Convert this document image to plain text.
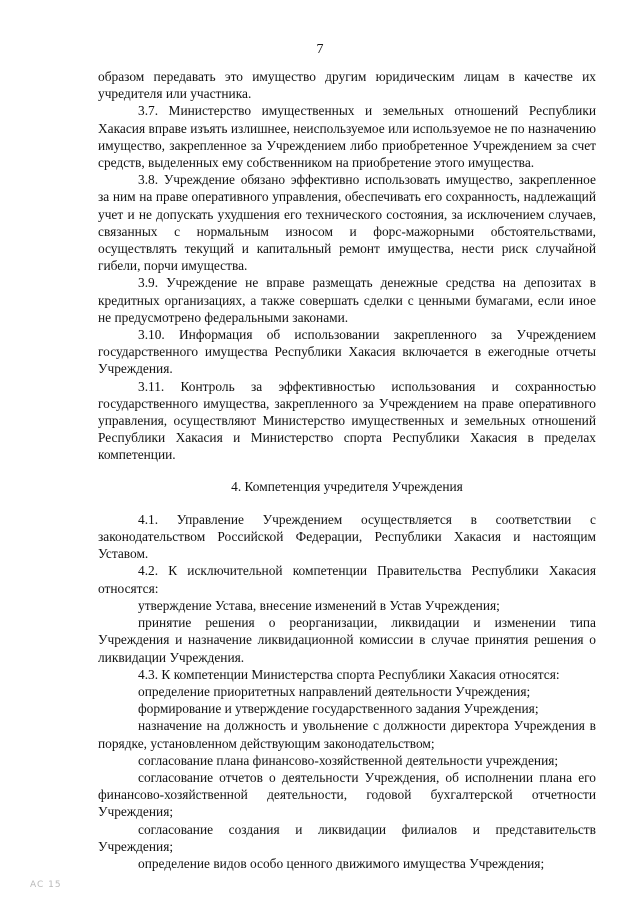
7

образом передавать это имущество другим юридическим лицам в качестве их учредителя или участника.

3.7. Министерство имущественных и земельных отношений Республики Хакасия вправе изъять излишнее, неиспользуемое или используемое не по назначению имущество, закрепленное за Учреждением либо приобретенное Учреждением за счет средств, выделенных ему собственником на приобретение этого имущества.

3.8. Учреждение обязано эффективно использовать имущество, закрепленное за ним на праве оперативного управления, обеспечивать его сохранность, надлежащий учет и не допускать ухудшения его технического состояния, за исключением случаев, связанных с нормальным износом и форс-мажорными обстоятельствами, осуществлять текущий и капитальный ремонт имущества, нести риск случайной гибели, порчи имущества.

3.9. Учреждение не вправе размещать денежные средства на депозитах в кредитных организациях, а также совершать сделки с ценными бумагами, если иное не предусмотрено федеральными законами.

3.10. Информация об использовании закрепленного за Учреждением государственного имущества Республики Хакасия включается в ежегодные отчеты Учреждения.

3.11. Контроль за эффективностью использования и сохранностью государственного имущества, закрепленного за Учреждением на праве оперативного управления, осуществляют Министерство имущественных и земельных отношений Республики Хакасия и Министерство спорта Республики Хакасия в пределах компетенции.

4. Компетенция учредителя Учреждения

4.1. Управление Учреждением осуществляется в соответствии с законодательством Российской Федерации, Республики Хакасия и настоящим Уставом.

4.2. К исключительной компетенции Правительства Республики Хакасия относятся:

утверждение Устава, внесение изменений в Устав Учреждения;

принятие решения о реорганизации, ликвидации и изменении типа Учреждения и назначение ликвидационной комиссии в случае принятия решения о ликвидации Учреждения.

4.3. К компетенции Министерства спорта Республики Хакасия относятся:

определение приоритетных направлений деятельности Учреждения;

формирование и утверждение государственного задания Учреждения;

назначение на должность и увольнение с должности директора Учреждения в порядке, установленном действующим законодательством;

согласование плана финансово-хозяйственной деятельности учреждения;

согласование отчетов о деятельности Учреждения, об исполнении плана его финансово-хозяйственной деятельности, годовой бухгалтерской отчетности Учреждения;

согласование создания и ликвидации филиалов и представительств Учреждения;

определение видов особо ценного движимого имущества Учреждения;

AC 15
